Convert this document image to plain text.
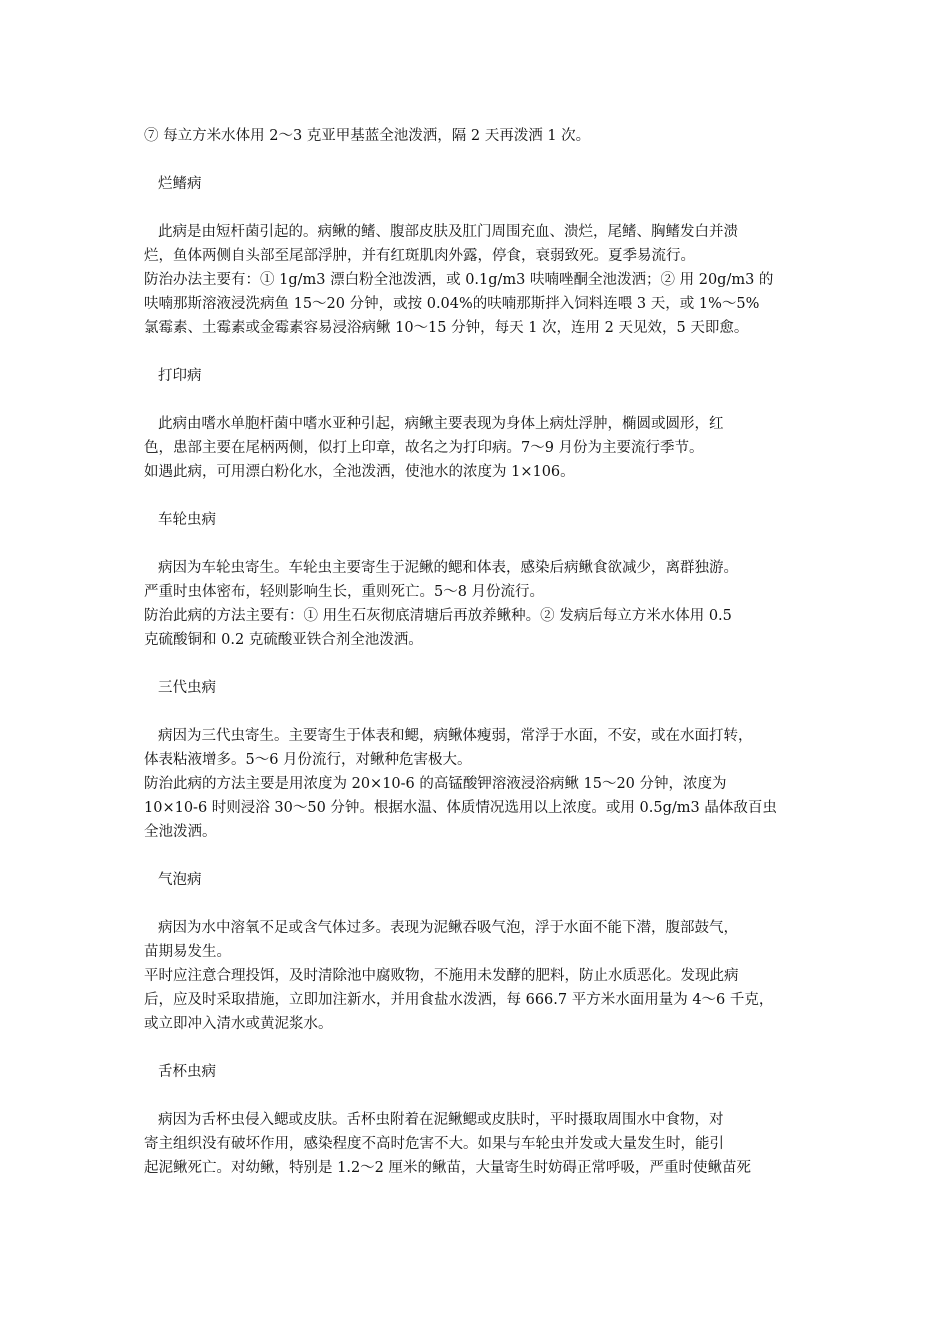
⑦ 每立方米水体用 2～3 克亚甲基蓝全池泼洒，隔 2 天再泼洒 1 次。
烂鳍病
此病是由短杆菌引起的。病鳅的鳍、腹部皮肤及肛门周围充血、溃烂，尾鳍、胸鳍发白并溃
烂，鱼体两侧自头部至尾部浮肿，并有红斑肌肉外露，停食，衰弱致死。夏季易流行。
防治办法主要有：① 1g/m3 漂白粉全池泼洒，或 0.1g/m3 呋喃唑酮全池泼洒；② 用 20g/m3 的
呋喃那斯溶液浸洗病鱼 15～20 分钟，或按 0.04%的呋喃那斯拌入饲料连喂 3 天，或 1%～5%
氯霉素、土霉素或金霉素容易浸浴病鳅 10～15 分钟，每天 1 次，连用 2 天见效，5 天即愈。
打印病
此病由嗜水单胞杆菌中嗜水亚种引起，病鳅主要表现为身体上病灶浮肿，椭圆或圆形，红
色，患部主要在尾柄两侧，似打上印章，故名之为打印病。7～9 月份为主要流行季节。
如遇此病，可用漂白粉化水，全池泼洒，使池水的浓度为 1×106。
车轮虫病
病因为车轮虫寄生。车轮虫主要寄生于泥鳅的鳃和体表，感染后病鳅食欲减少，离群独游。
严重时虫体密布，轻则影响生长，重则死亡。5～8 月份流行。
防治此病的方法主要有：① 用生石灰彻底清塘后再放养鳅种。② 发病后每立方米水体用 0.5
克硫酸铜和 0.2 克硫酸亚铁合剂全池泼洒。
三代虫病
病因为三代虫寄生。主要寄生于体表和鳃，病鳅体瘦弱，常浮于水面，不安，或在水面打转，
体表粘液增多。5～6 月份流行，对鳅种危害极大。
防治此病的方法主要是用浓度为 20×10-6 的高锰酸钾溶液浸浴病鳅 15～20 分钟，浓度为
10×10-6 时则浸浴 30～50 分钟。根据水温、体质情况选用以上浓度。或用 0.5g/m3 晶体敌百虫
全池泼洒。
气泡病
病因为水中溶氧不足或含气体过多。表现为泥鳅吞吸气泡，浮于水面不能下潜，腹部鼓气，
苗期易发生。
平时应注意合理投饵，及时清除池中腐败物，不施用未发酵的肥料，防止水质恶化。发现此病
后，应及时采取措施，立即加注新水，并用食盐水泼洒，每 666.7 平方米水面用量为 4～6 千克，
或立即冲入清水或黄泥浆水。
舌杯虫病
病因为舌杯虫侵入鳃或皮肤。舌杯虫附着在泥鳅鳃或皮肤时，平时摄取周围水中食物，对
寄主组织没有破坏作用，感染程度不高时危害不大。如果与车轮虫并发或大量发生时，能引
起泥鳅死亡。对幼鳅，特别是 1.2～2 厘米的鳅苗，大量寄生时妨碍正常呼吸，严重时使鳅苗死
